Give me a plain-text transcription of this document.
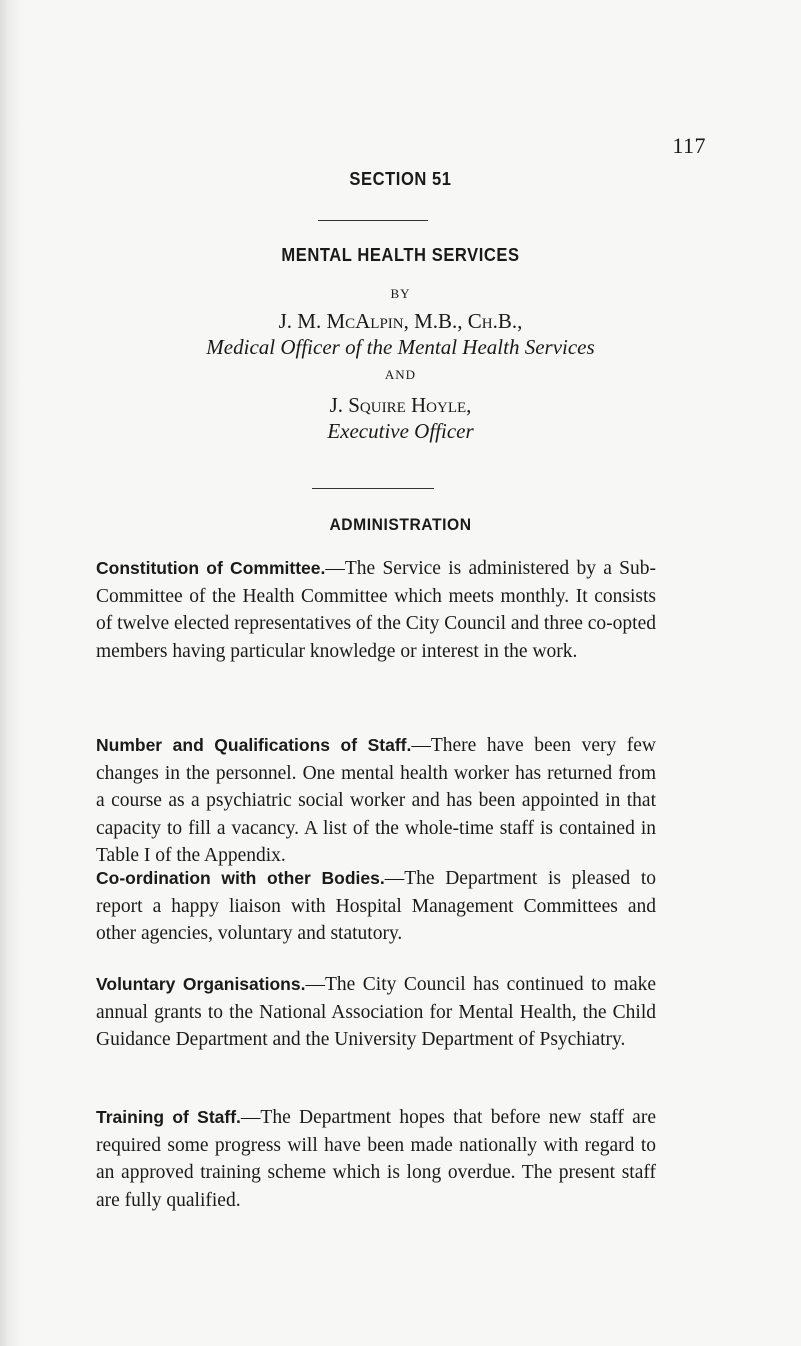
117
SECTION 51
MENTAL HEALTH SERVICES
BY
J. M. McAlpin, M.B., Ch.B.,
Medical Officer of the Mental Health Services
AND
J. Squire Hoyle,
Executive Officer
ADMINISTRATION
Constitution of Committee.—The Service is administered by a Sub-Committee of the Health Committee which meets monthly. It consists of twelve elected representatives of the City Council and three co-opted members having particular knowledge or interest in the work.
Number and Qualifications of Staff.—There have been very few changes in the personnel. One mental health worker has returned from a course as a psychiatric social worker and has been appointed in that capacity to fill a vacancy. A list of the whole-time staff is contained in Table I of the Appendix.
Co-ordination with other Bodies.—The Department is pleased to report a happy liaison with Hospital Management Committees and other agencies, voluntary and statutory.
Voluntary Organisations.—The City Council has continued to make annual grants to the National Association for Mental Health, the Child Guidance Department and the University Department of Psychiatry.
Training of Staff.—The Department hopes that before new staff are required some progress will have been made nationally with regard to an approved training scheme which is long overdue. The present staff are fully qualified.
